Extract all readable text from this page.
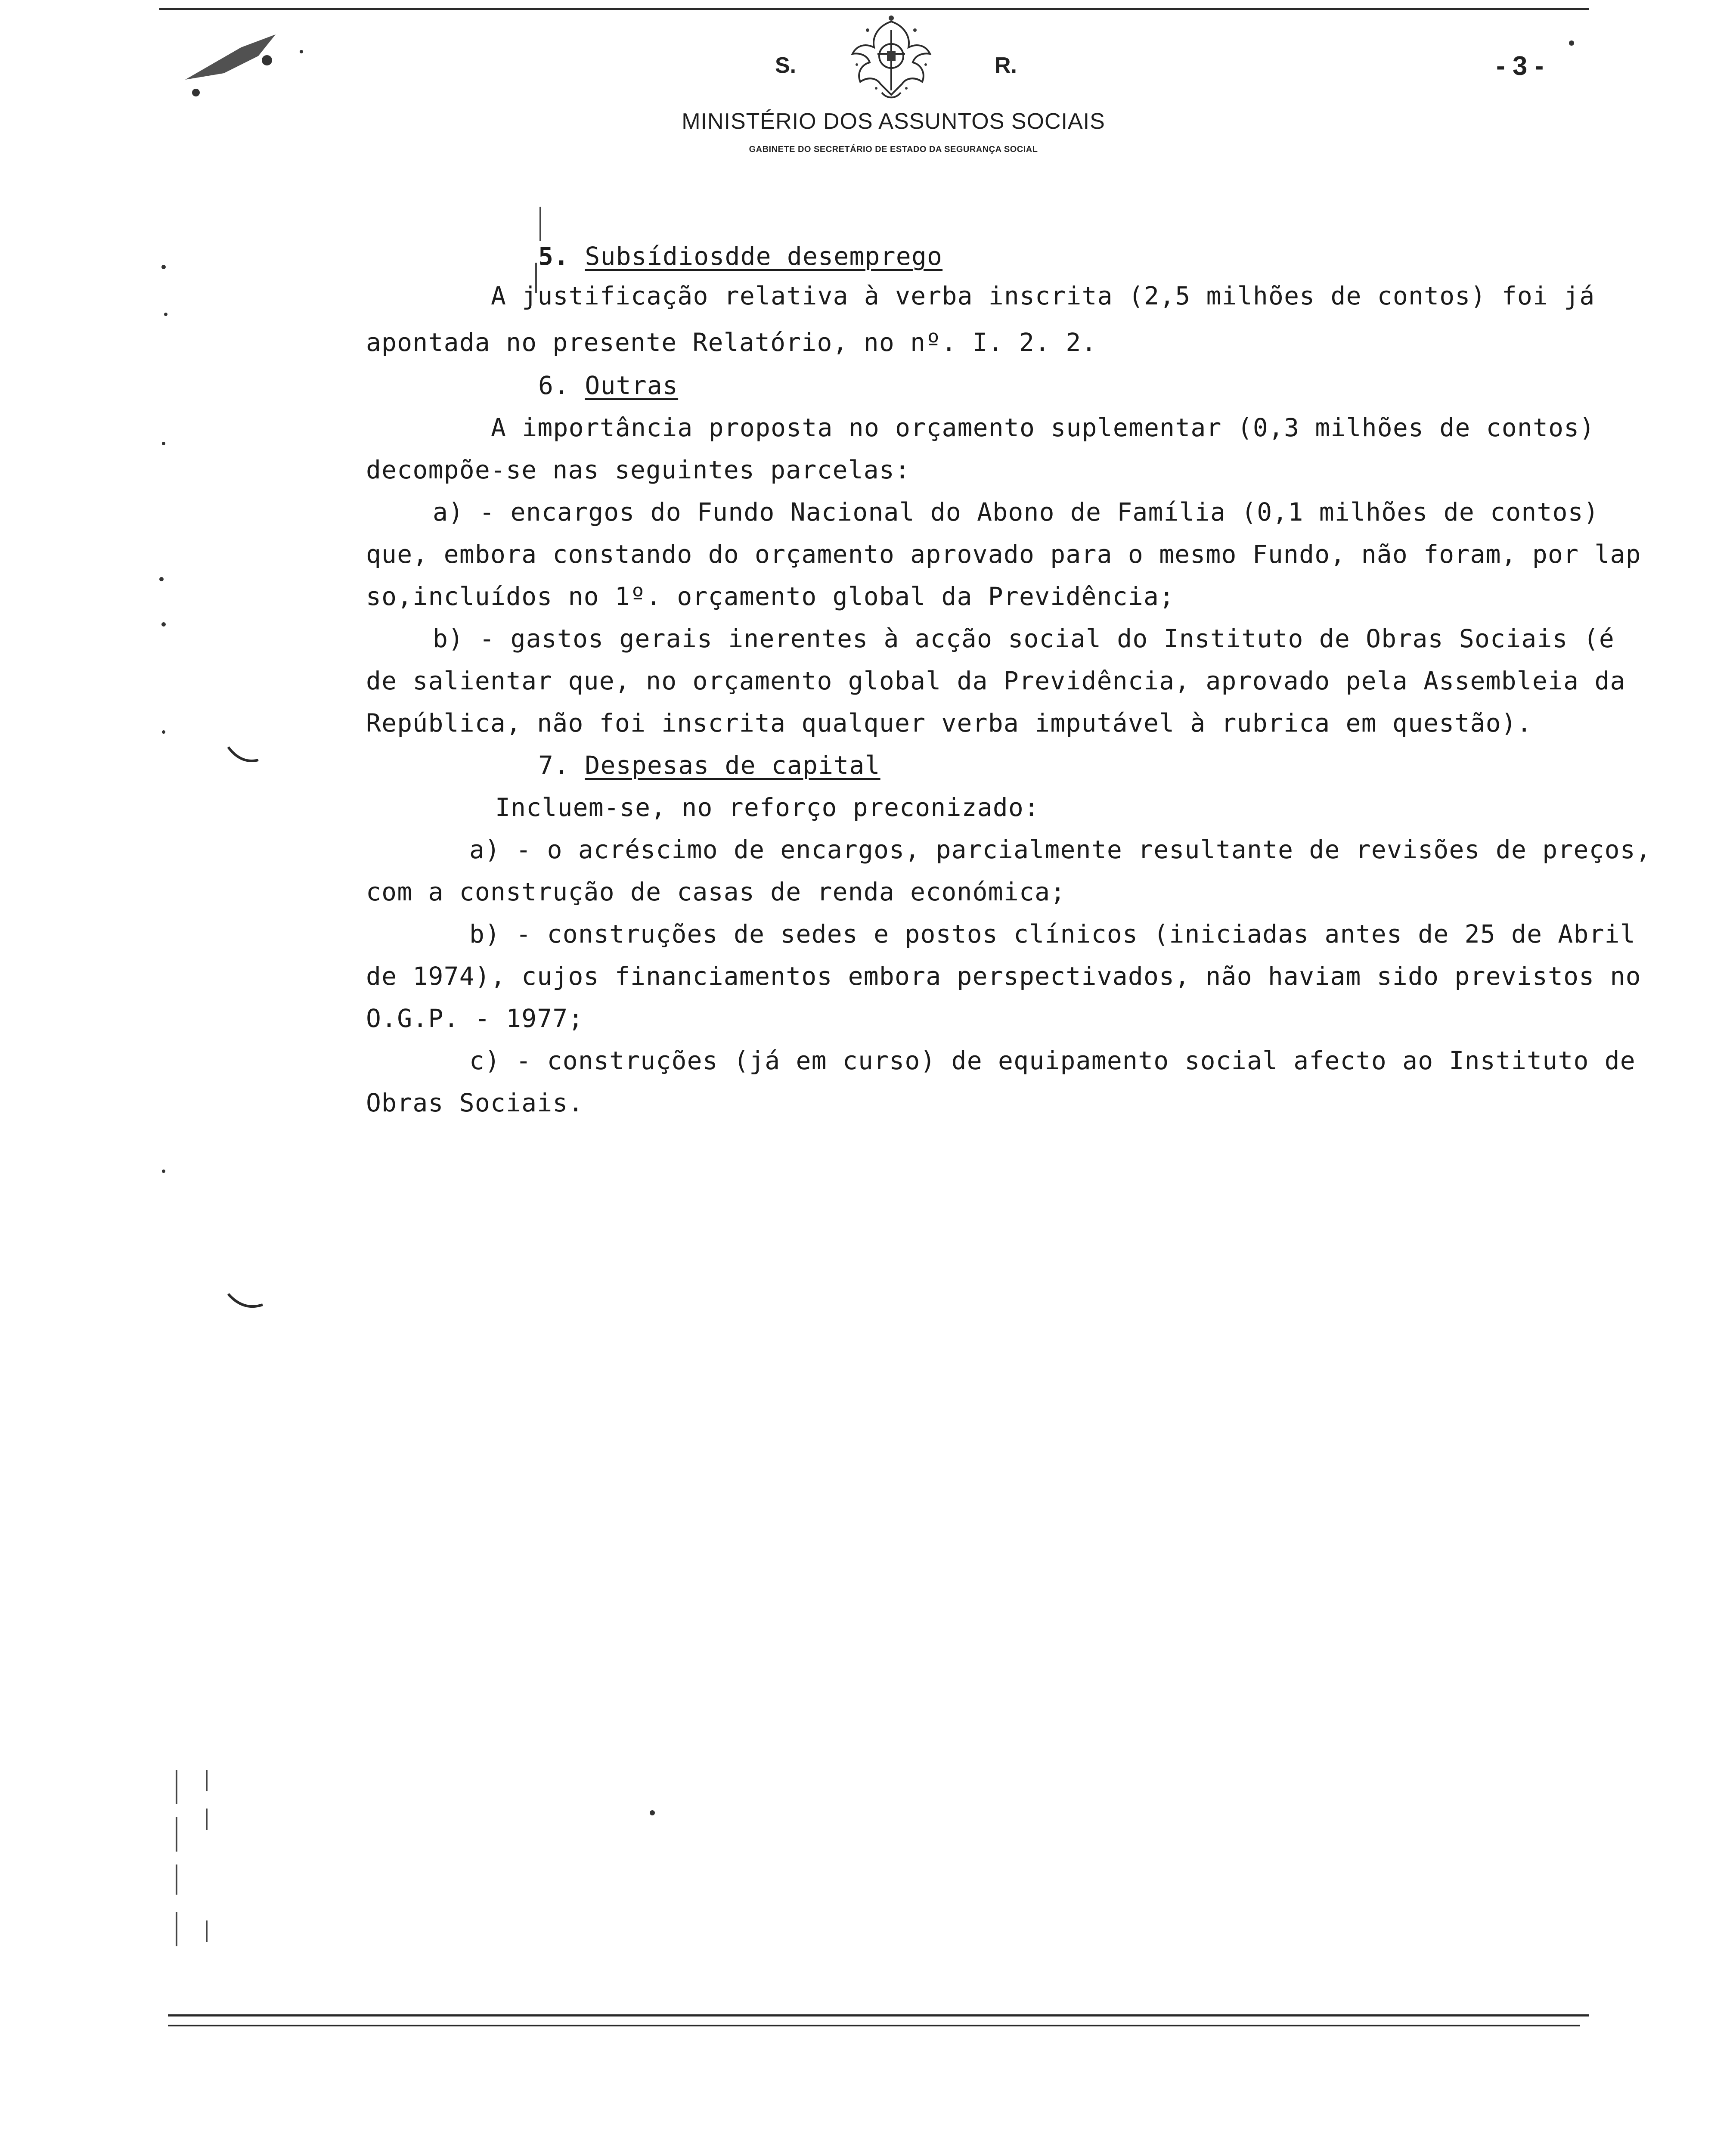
S.	R.
MINISTÉRIO DOS ASSUNTOS SOCIAIS
GABINETE DO SECRETÁRIO DE ESTADO DA SEGURANÇA SOCIAL
- 3 -
5. Subsídiosdde desemprego
A justificação relativa à verba inscrita (2,5 milhões de contos) foi já
apontada no presente Relatório, no nº. I. 2. 2.
6. Outras
A importância proposta no orçamento suplementar (0,3 milhões de contos)
decompõe-se nas seguintes parcelas:
a) - encargos do Fundo Nacional do Abono de Família (0,1 milhões de contos)
que, embora constando do orçamento aprovado para o mesmo Fundo, não foram, por lap
so,incluídos no 1º. orçamento global da Previdência;
b) - gastos gerais inerentes à acção social do Instituto de Obras Sociais (é
de salientar que, no orçamento global da Previdência, aprovado pela Assembleia da
República, não foi inscrita qualquer verba imputável à rubrica em questão).
7. Despesas de capital
Incluem-se, no reforço preconizado:
a) - o acréscimo de encargos, parcialmente resultante de revisões de preços,
com a construção de casas de renda económica;
b) - construções de sedes e postos clínicos (iniciadas antes de 25 de Abril
de 1974), cujos financiamentos embora perspectivados, não haviam sido previstos no
O.G.P. - 1977;
c) - construções (já em curso) de equipamento social afecto ao Instituto de
Obras Sociais.
